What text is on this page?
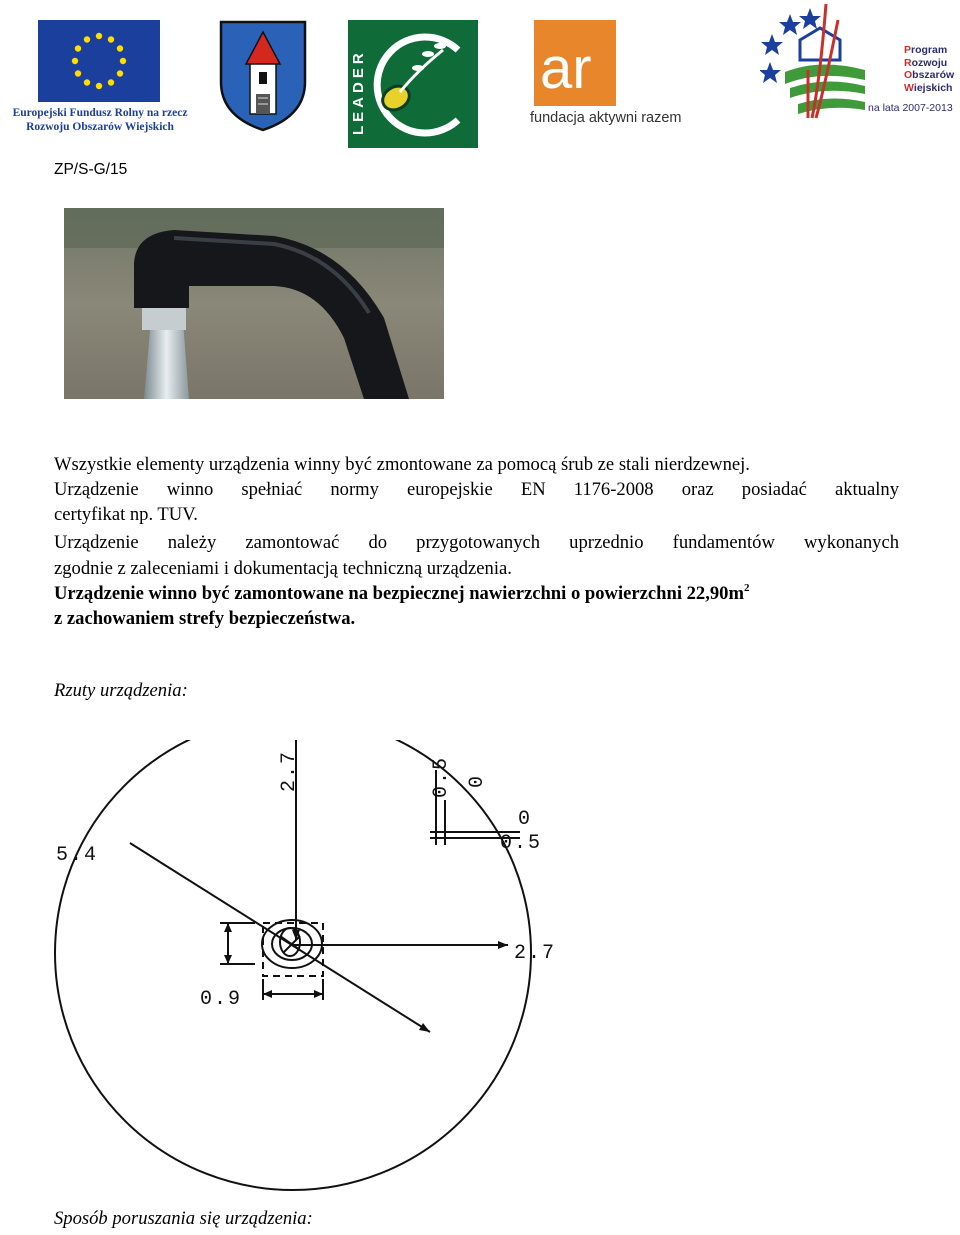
Europejski Fundusz Rolny na rzecz
Rozwoju Obszarów Wiejskich	LEADER	ar
fundacja aktywni razem
Program
Rozwoju
Obszarów
Wiejskich
na lata 2007-2013
ZP/S-G/15

Wszystkie elementy urządzenia winny być zmontowane za pomocą śrub ze stali nierdzewnej.

Urządzenie winno spełniać normy europejskie EN 1176-2008 oraz posiadać aktualny

certyfikat np. TUV.

Urządzenie należy zamontować do przygotowanych uprzednio fundamentów wykonanych

zgodnie z zaleceniami i dokumentacją techniczną urządzenia.

Urządzenie winno być zamontowane na bezpiecznej nawierzchni o powierzchni $22,90m^2$

z zachowaniem strefy bezpieczeństwa.

Rzuty urządzenia:
2.7
2.7
5.4
0.9
0.5 0
0
0.5
Sposób poruszania się urządzenia:
